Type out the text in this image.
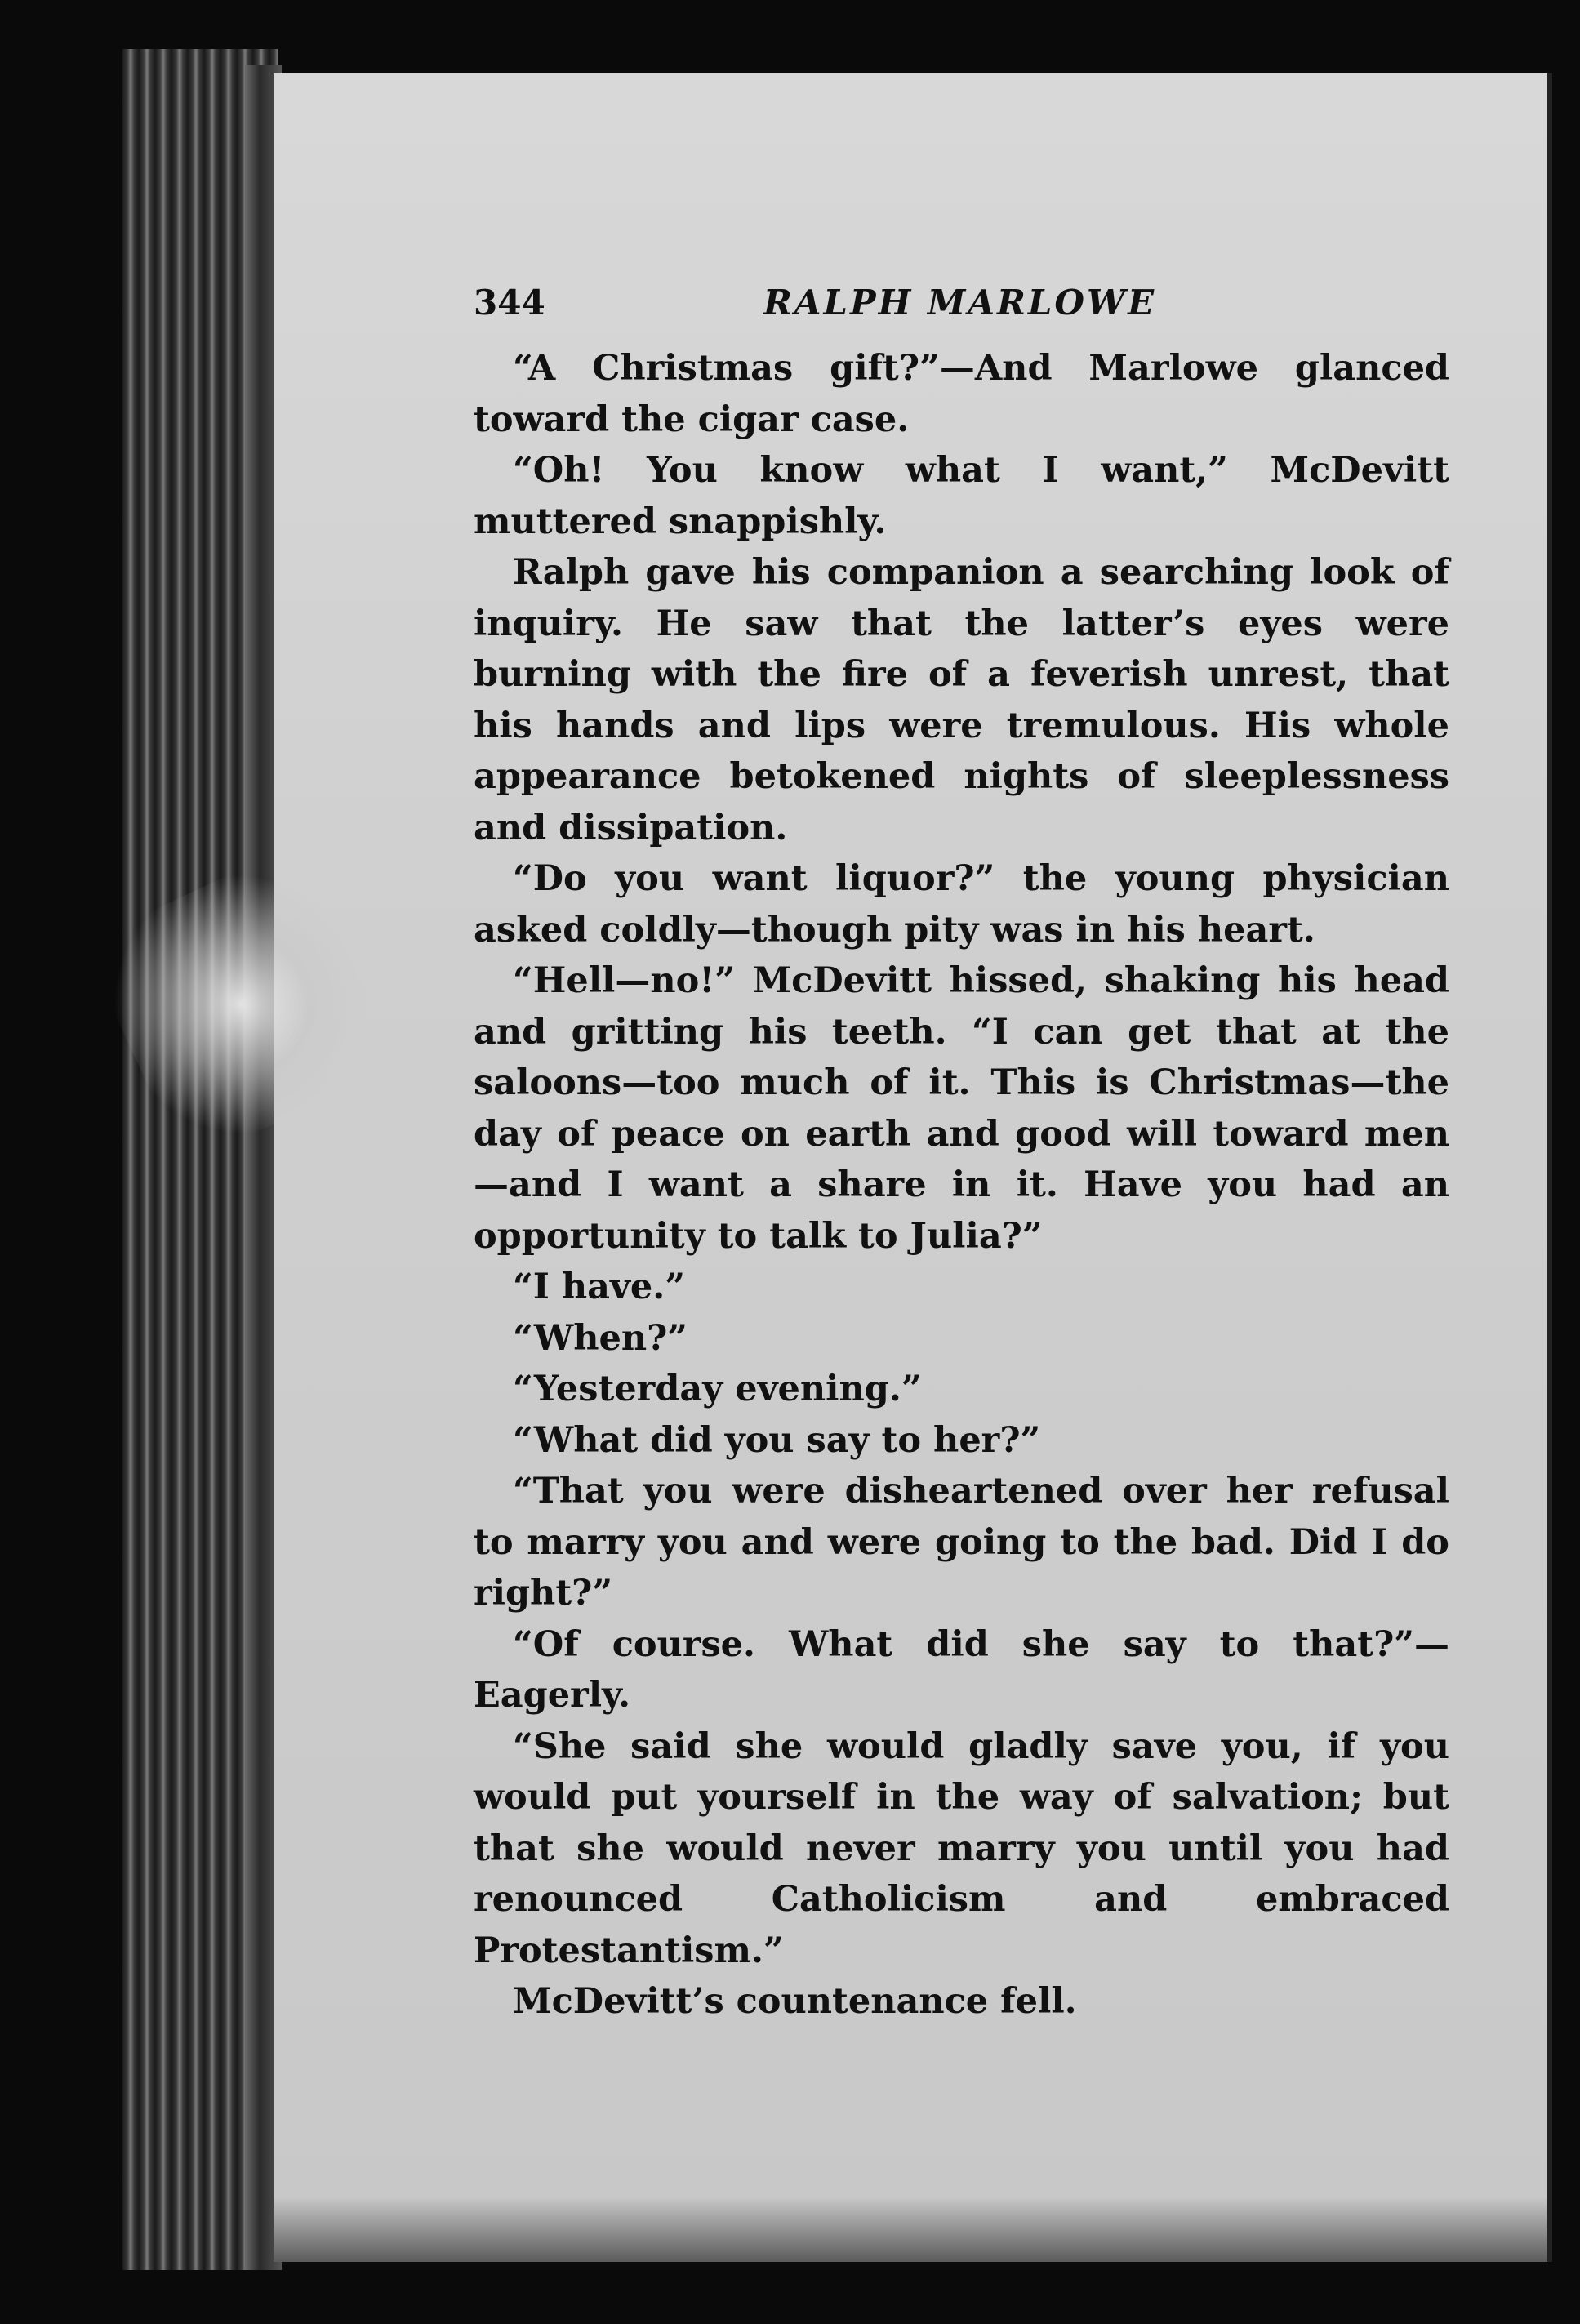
344	RALPH MARLOWE

“A Christmas gift?”—And Marlowe glanced toward the cigar case.

“Oh! You know what I want,” McDevitt muttered snappishly.

Ralph gave his companion a searching look of inquiry. He saw that the latter’s eyes were burning with the fire of a feverish unrest, that his hands and lips were tremulous. His whole appearance betokened nights of sleeplessness and dissipation.

“Do you want liquor?” the young physician asked coldly—though pity was in his heart.

“Hell—no!” McDevitt hissed, shaking his head and gritting his teeth. “I can get that at the saloons—too much of it. This is Christmas—the day of peace on earth and good will toward men—and I want a share in it. Have you had an opportunity to talk to Julia?”

“I have.”

“When?”

“Yesterday evening.”

“What did you say to her?”

“That you were disheartened over her refusal to marry you and were going to the bad. Did I do right?”

“Of course. What did she say to that?”—Eagerly.

“She said she would gladly save you, if you would put yourself in the way of salvation; but that she would never marry you until you had renounced Catholicism and embraced Protestantism.”

McDevitt’s countenance fell.
